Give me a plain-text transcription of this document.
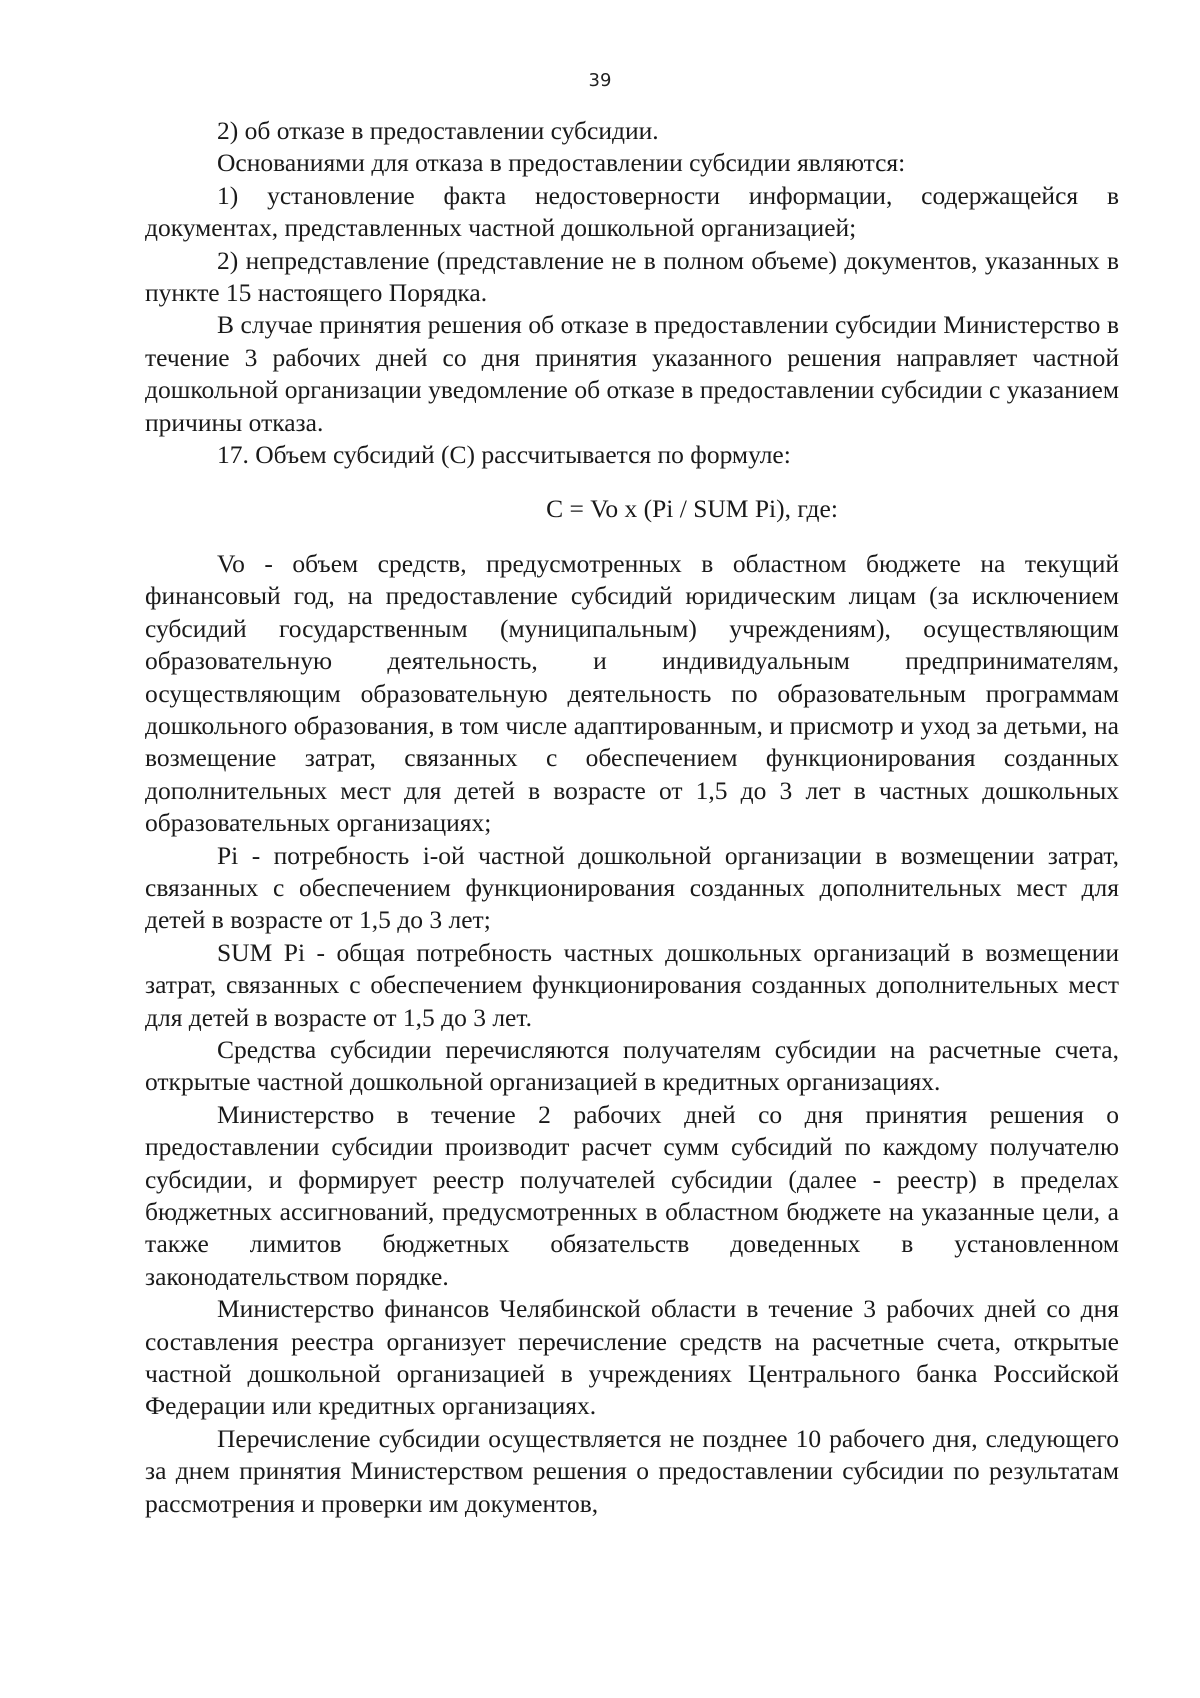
39

2) об отказе в предоставлении субсидии.

Основаниями для отказа в предоставлении субсидии являются:

1) установление факта недостоверности информации, содержащейся в документах, представленных частной дошкольной организацией;

2) непредставление (представление не в полном объеме) документов, указанных в пункте 15 настоящего Порядка.

В случае принятия решения об отказе в предоставлении субсидии Министерство в течение 3 рабочих дней со дня принятия указанного решения направляет частной дошкольной организации уведомление об отказе в предоставлении субсидии с указанием причины отказа.

17. Объем субсидий (С) рассчитывается по формуле:

С = Vo x (Pi / SUM Pi), где:

Vo - объем средств, предусмотренных в областном бюджете на текущий финансовый год, на предоставление субсидий юридическим лицам (за исключением субсидий государственным (муниципальным) учреждениям), осуществляющим образовательную деятельность, и индивидуальным предпринимателям, осуществляющим образовательную деятельность по образовательным программам дошкольного образования, в том числе адаптированным, и присмотр и уход за детьми, на возмещение затрат, связанных с обеспечением функционирования созданных дополнительных мест для детей в возрасте от 1,5 до 3 лет в частных дошкольных образовательных организациях;

Pi - потребность i-ой частной дошкольной организации в возмещении затрат, связанных с обеспечением функционирования созданных дополнительных мест для детей в возрасте от 1,5 до 3 лет;

SUM Pi - общая потребность частных дошкольных организаций в возмещении затрат, связанных с обеспечением функционирования созданных дополнительных мест для детей в возрасте от 1,5 до 3 лет.

Средства субсидии перечисляются получателям субсидии на расчетные счета, открытые частной дошкольной организацией в кредитных организациях.

Министерство в течение 2 рабочих дней со дня принятия решения о предоставлении субсидии производит расчет сумм субсидий по каждому получателю субсидии, и формирует реестр получателей субсидии (далее - реестр) в пределах бюджетных ассигнований, предусмотренных в областном бюджете на указанные цели, а также лимитов бюджетных обязательств доведенных в установленном законодательством порядке.

Министерство финансов Челябинской области в течение 3 рабочих дней со дня составления реестра организует перечисление средств на расчетные счета, открытые частной дошкольной организацией в учреждениях Центрального банка Российской Федерации или кредитных организациях.

Перечисление субсидии осуществляется не позднее 10 рабочего дня, следующего за днем принятия Министерством решения о предоставлении субсидии по результатам рассмотрения и проверки им документов,
